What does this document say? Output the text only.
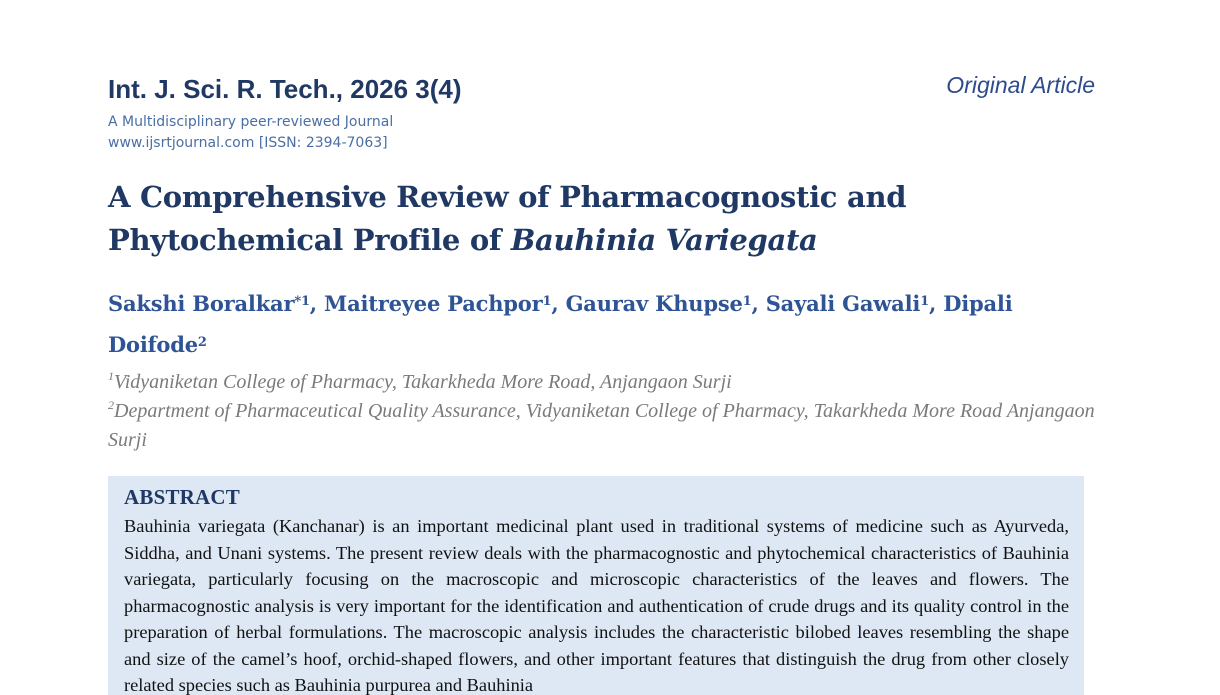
Int. J. Sci. R. Tech., 2026 3(4)	Original Article
A Multidisciplinary peer-reviewed Journal
www.ijsrtjournal.com [ISSN: 2394-7063]
A Comprehensive Review of Pharmacognostic and
Phytochemical Profile of Bauhinia Variegata
Sakshi Boralkar$^{*1}$, Maitreyee Pachpor$^1$, Gaurav Khupse$^1$, Sayali Gawali$^1$, Dipali Doifode$^2$
$^1$Vidyaniketan College of Pharmacy, Takarkheda More Road, Anjangaon Surji
$^2$Department of Pharmaceutical Quality Assurance, Vidyaniketan College of Pharmacy, Takarkheda More Road Anjangaon Surji
ABSTRACT
Bauhinia variegata (Kanchanar) is an important medicinal plant used in traditional systems of medicine such as Ayurveda, Siddha, and Unani systems. The present review deals with the pharmacognostic and phytochemical characteristics of Bauhinia variegata, particularly focusing on the macroscopic and microscopic characteristics of the leaves and flowers. The pharmacognostic analysis is very important for the identification and authentication of crude drugs and its quality control in the preparation of herbal formulations. The macroscopic analysis includes the characteristic bilobed leaves resembling the shape and size of the camel’s hoof, orchid-shaped flowers, and other important features that distinguish the drug from other closely related species such as Bauhinia purpurea and Bauhinia
